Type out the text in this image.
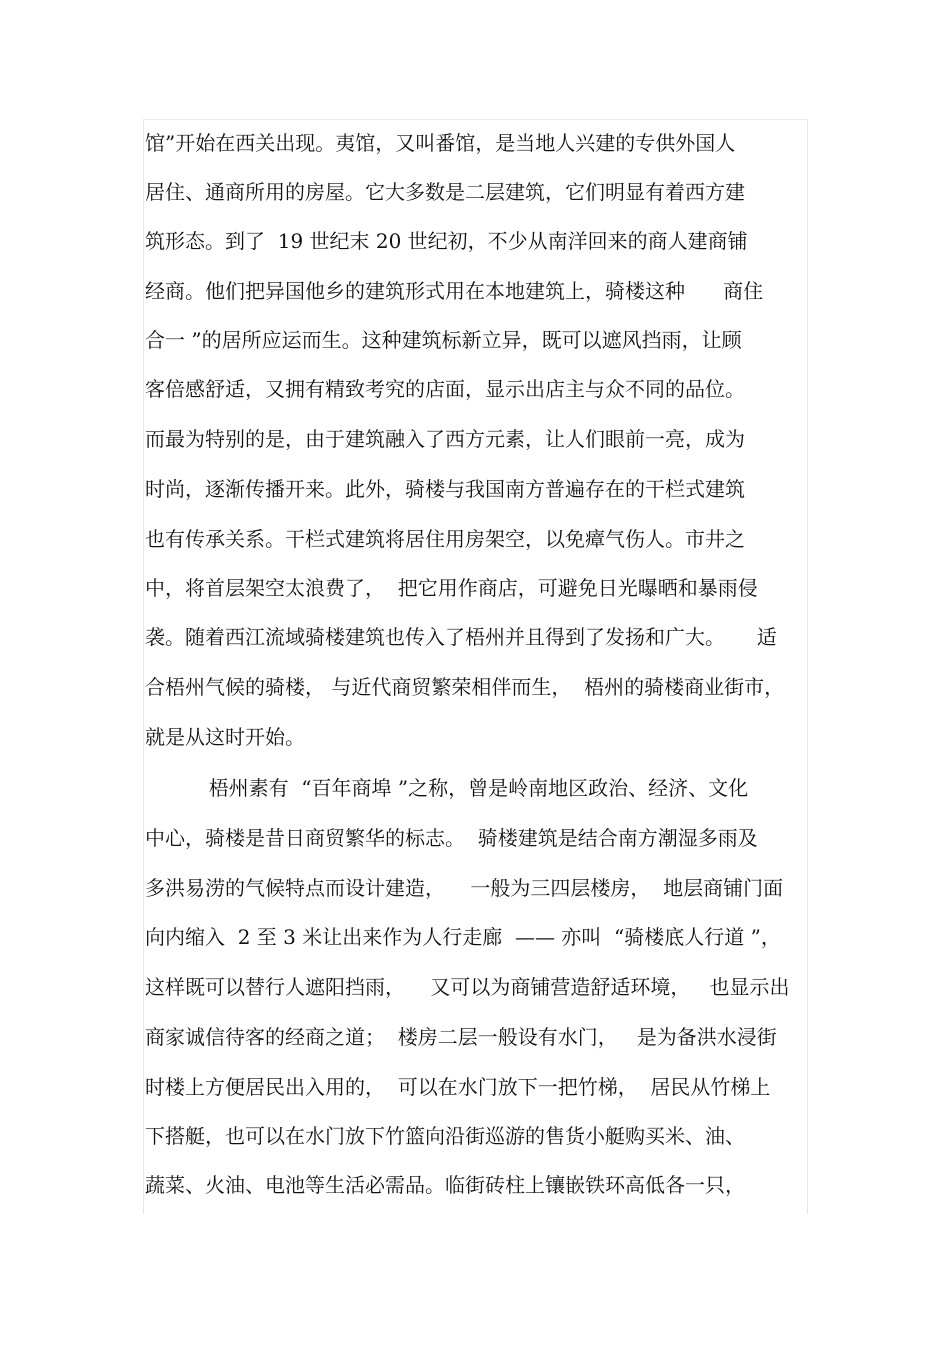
馆”开始在西关出现。夷馆，又叫番馆，是当地人兴建的专供外国人
居住、通商所用的房屋。它大多数是二层建筑，它们明显有着西方建
筑形态。到了  19 世纪末 20 世纪初，不少从南洋回来的商人建商铺
经商。他们把异国他乡的建筑形式用在本地建筑上，骑楼这种      商住
合一 ”的居所应运而生。这种建筑标新立异，既可以遮风挡雨，让顾
客倍感舒适，又拥有精致考究的店面，显示出店主与众不同的品位。
而最为特别的是，由于建筑融入了西方元素，让人们眼前一亮，成为
时尚，逐渐传播开来。此外，骑楼与我国南方普遍存在的干栏式建筑
也有传承关系。干栏式建筑将居住用房架空，以免瘴气伤人。市井之
中，将首层架空太浪费了，  把它用作商店，可避免日光曝晒和暴雨侵
袭。随着西江流域骑楼建筑也传入了梧州并且得到了发扬和广大。     适
合梧州气候的骑楼， 与近代商贸繁荣相伴而生，  梧州的骑楼商业街市，
就是从这时开始。
梧州素有  “百年商埠 ”之称，曾是岭南地区政治、经济、文化
中心，骑楼是昔日商贸繁华的标志。  骑楼建筑是结合南方潮湿多雨及
多洪易涝的气候特点而设计建造，    一般为三四层楼房，  地层商铺门面
向内缩入  2 至 3 米让出来作为人行走廊  —— 亦叫  “骑楼底人行道 ”，
这样既可以替行人遮阳挡雨，    又可以为商铺营造舒适环境，   也显示出
商家诚信待客的经商之道；  楼房二层一般设有水门，   是为备洪水浸街
时楼上方便居民出入用的，  可以在水门放下一把竹梯，  居民从竹梯上
下搭艇，也可以在水门放下竹篮向沿街巡游的售货小艇购买米、油、
蔬菜、火油、电池等生活必需品。临街砖柱上镶嵌铁环高低各一只，
